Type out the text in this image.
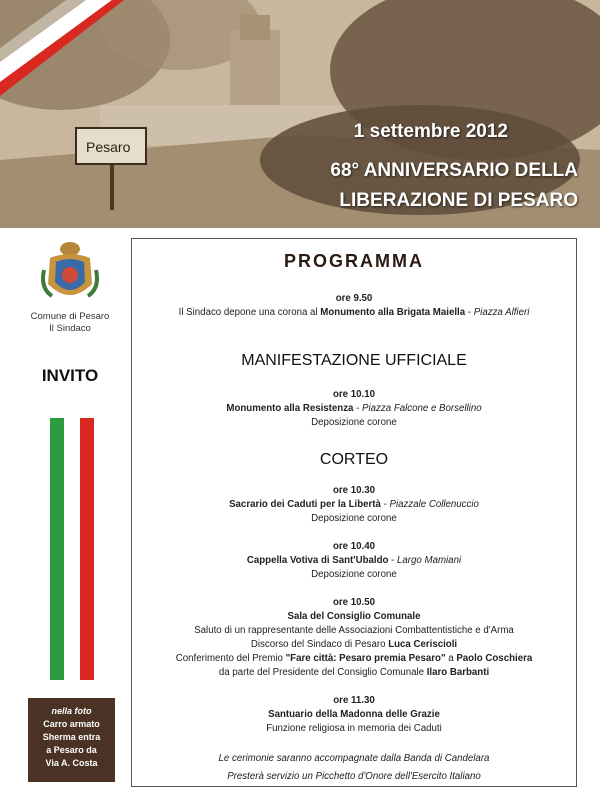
Pesaro
1 settembre 2012
68° ANNIVERSARIO DELLA
LIBERAZIONE DI PESARO
Comune di Pesaro
Il Sindaco
INVITO
nella foto
Carro armato
Sherma entra
a Pesaro da
Via A. Costa
PROGRAMMA
ore 9.50
Il Sindaco depone una corona al Monumento alla Brigata Maiella - Piazza Alfieri
MANIFESTAZIONE UFFICIALE
ore 10.10
Monumento alla Resistenza - Piazza Falcone e Borsellino
Deposizione corone
CORTEO
ore 10.30
Sacrario dei Caduti per la Libertà - Piazzale Collenuccio
Deposizione corone
ore 10.40
Cappella Votiva di Sant'Ubaldo - Largo Mamiani
Deposizione corone
ore 10.50
Sala del Consiglio Comunale
Saluto di un rappresentante delle Associazioni Combattentistiche e d'Arma
Discorso del Sindaco di Pesaro Luca Ceriscioli
Conferimento del Premio "Fare città: Pesaro premia Pesaro" a Paolo Coschiera
da parte del Presidente del Consiglio Comunale Ilaro Barbanti
ore 11.30
Santuario della Madonna delle Grazie
Funzione religiosa in memoria dei Caduti
Le cerimonie saranno accompagnate dalla Banda di Candelara
Presterà servizio un Picchetto d'Onore dell'Esercito Italiano
